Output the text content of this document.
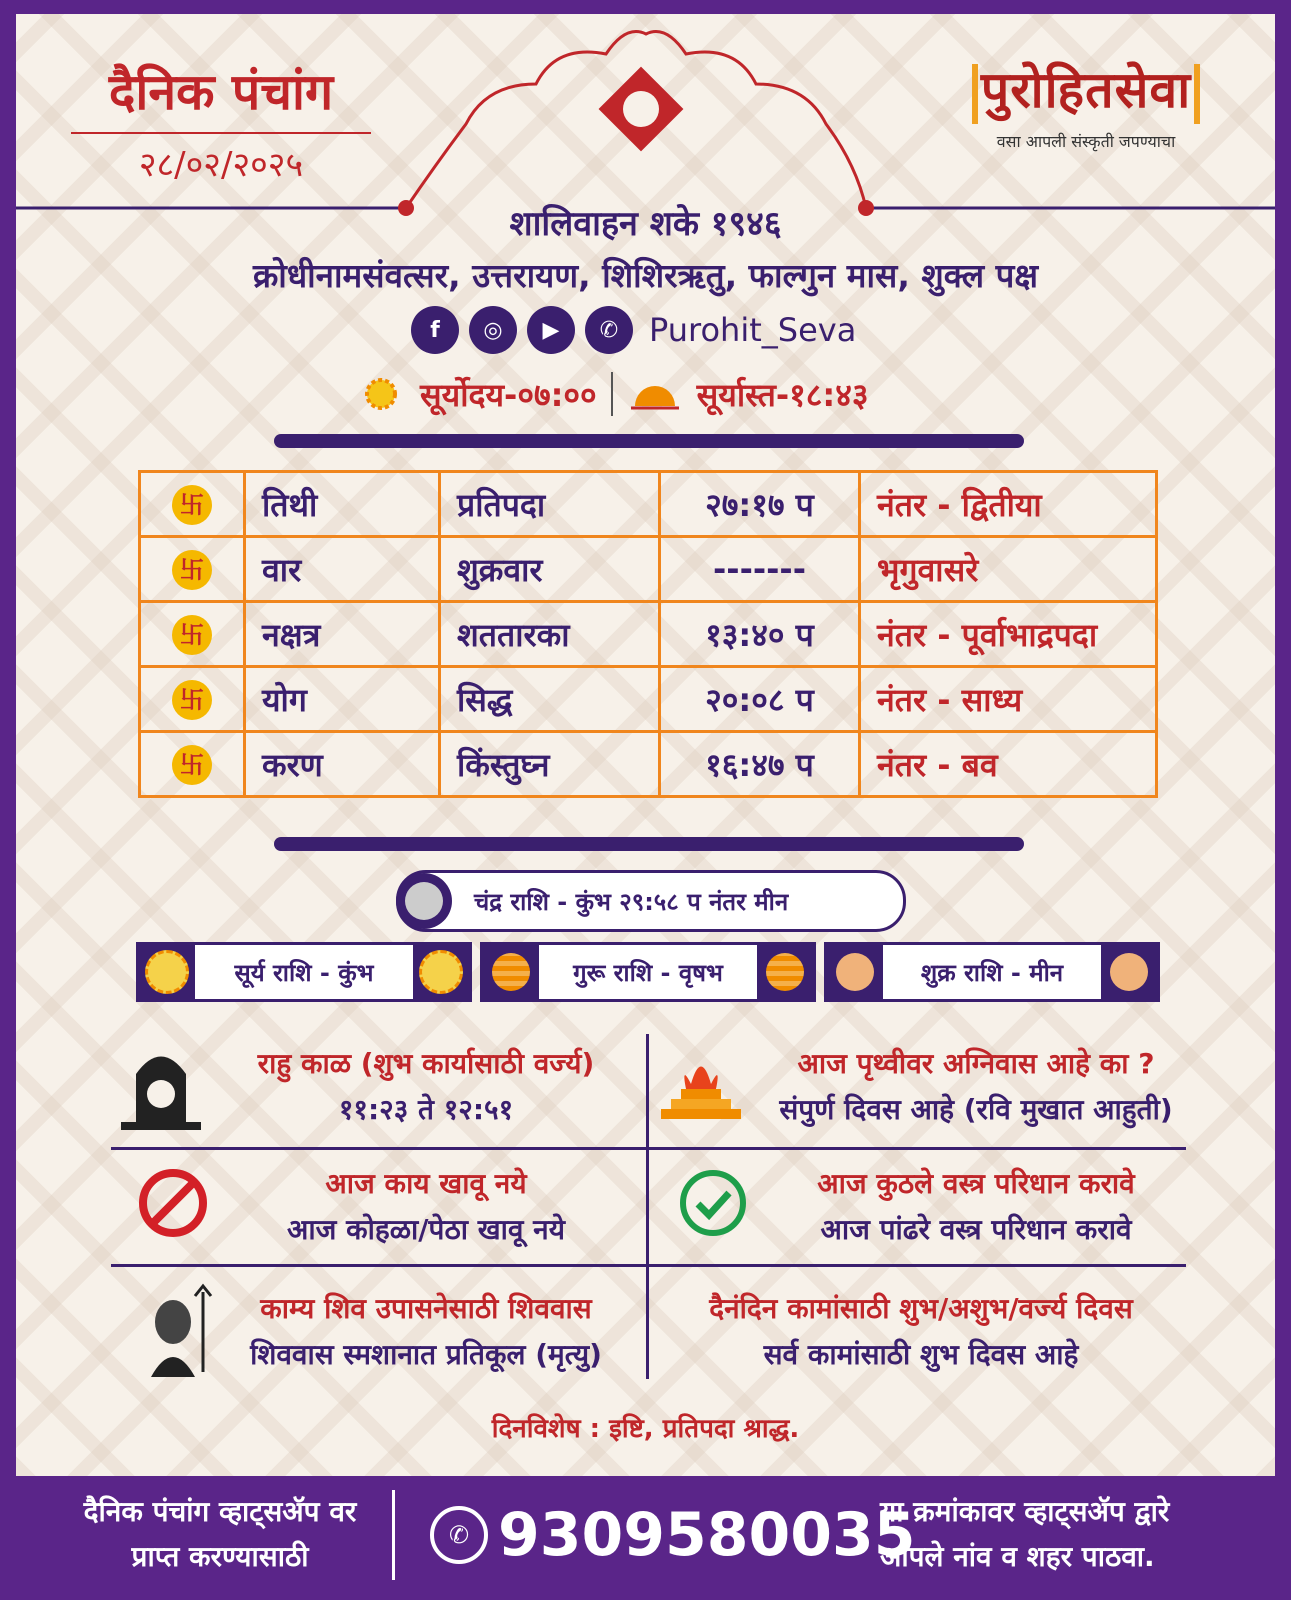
दैनिक पंचांग
२८/०२/२०२५
पुरोहितसेवा
वसा आपली संस्कृती जपण्याचा
शालिवाहन शके १९४६
क्रोधीनामसंवत्सर, उत्तरायण, शिशिरऋतु, फाल्गुन मास, शुक्ल पक्ष
f	◎	▶	✆ Purohit_Seva
सूर्योदय-०७:००	सूर्यास्त-१८:४३
卐	तिथी	प्रतिपदा	२७:१७ प	नंतर - द्वितीया
卐	वार	शुक्रवार	-------	भृगुवासरे
卐	नक्षत्र	शततारका	१३:४० प	नंतर - पूर्वाभाद्रपदा
卐	योग	सिद्ध	२०:०८ प	नंतर - साध्य
卐	करण	किंस्तुघ्न	१६:४७ प	नंतर - बव
चंद्र राशि - कुंभ २९:५८ प नंतर मीन
सूर्य राशि - कुंभ	गुरू राशि - वृषभ	शुक्र राशि - मीन
राहु काळ (शुभ कार्यासाठी वर्ज्य)
११:२३ ते १२:५१
आज पृथ्वीवर अग्निवास आहे का ?
संपुर्ण दिवस आहे (रवि मुखात आहुती)
आज काय खावू नये
आज कोहळा/पेठा खावू नये
आज कुठले वस्त्र परिधान करावे
आज पांढरे वस्त्र परिधान करावे
काम्य शिव उपासनेसाठी शिववास
शिववास स्मशानात प्रतिकूल (मृत्यु)
दैनंदिन कामांसाठी शुभ/अशुभ/वर्ज्य दिवस
सर्व कामांसाठी शुभ दिवस आहे
दिनविशेष : इष्टि, प्रतिपदा श्राद्ध.
दैनिक पंचांग व्हाट्सॲप वर
प्राप्त करण्यासाठी
✆ 9309580035
या क्रमांकावर व्हाट्सॲप द्वारे
आपले नांव व शहर पाठवा.
